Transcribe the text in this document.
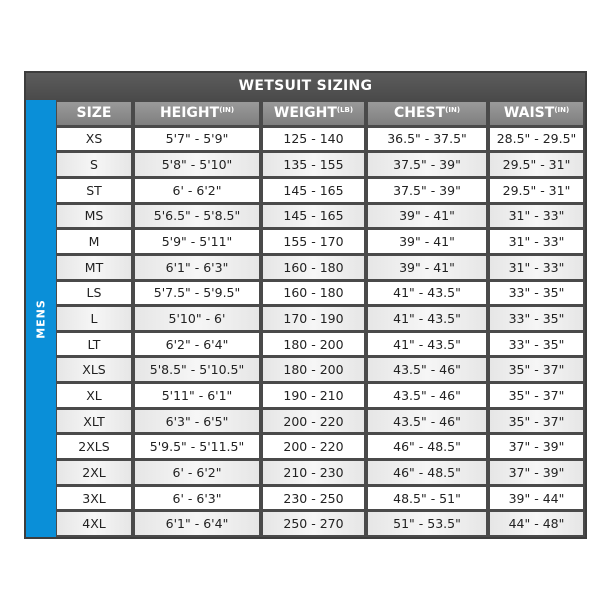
WETSUIT SIZING
MENS
SIZE	$HEIGHT^{(IN)}$	$WEIGHT^{(LB)}$	$CHEST^{(IN)}$	$WAIST^{(IN)}$
XS	5'7" - 5'9"	125 - 140	36.5" - 37.5"	28.5" - 29.5"
S	5'8" - 5'10"	135 - 155	37.5" - 39"	29.5" - 31"
ST	6' - 6'2"	145 - 165	37.5" - 39"	29.5" - 31"
MS	5'6.5" - 5'8.5"	145 - 165	39" - 41"	31" - 33"
M	5'9" - 5'11"	155 - 170	39" - 41"	31" - 33"
MT	6'1" - 6'3"	160 - 180	39" - 41"	31" - 33"
LS	5'7.5" - 5'9.5"	160 - 180	41" - 43.5"	33" - 35"
L	5'10" - 6'	170 - 190	41" - 43.5"	33" - 35"
LT	6'2" - 6'4"	180 - 200	41" - 43.5"	33" - 35"
XLS	5'8.5" - 5'10.5"	180 - 200	43.5" - 46"	35" - 37"
XL	5'11" - 6'1"	190 - 210	43.5" - 46"	35" - 37"
XLT	6'3" - 6'5"	200 - 220	43.5" - 46"	35" - 37"
2XLS	5'9.5" - 5'11.5"	200 - 220	46" - 48.5"	37" - 39"
2XL	6' - 6'2"	210 - 230	46" - 48.5"	37" - 39"
3XL	6' - 6'3"	230 - 250	48.5" - 51"	39" - 44"
4XL	6'1" - 6'4"	250 - 270	51" - 53.5"	44" - 48"
